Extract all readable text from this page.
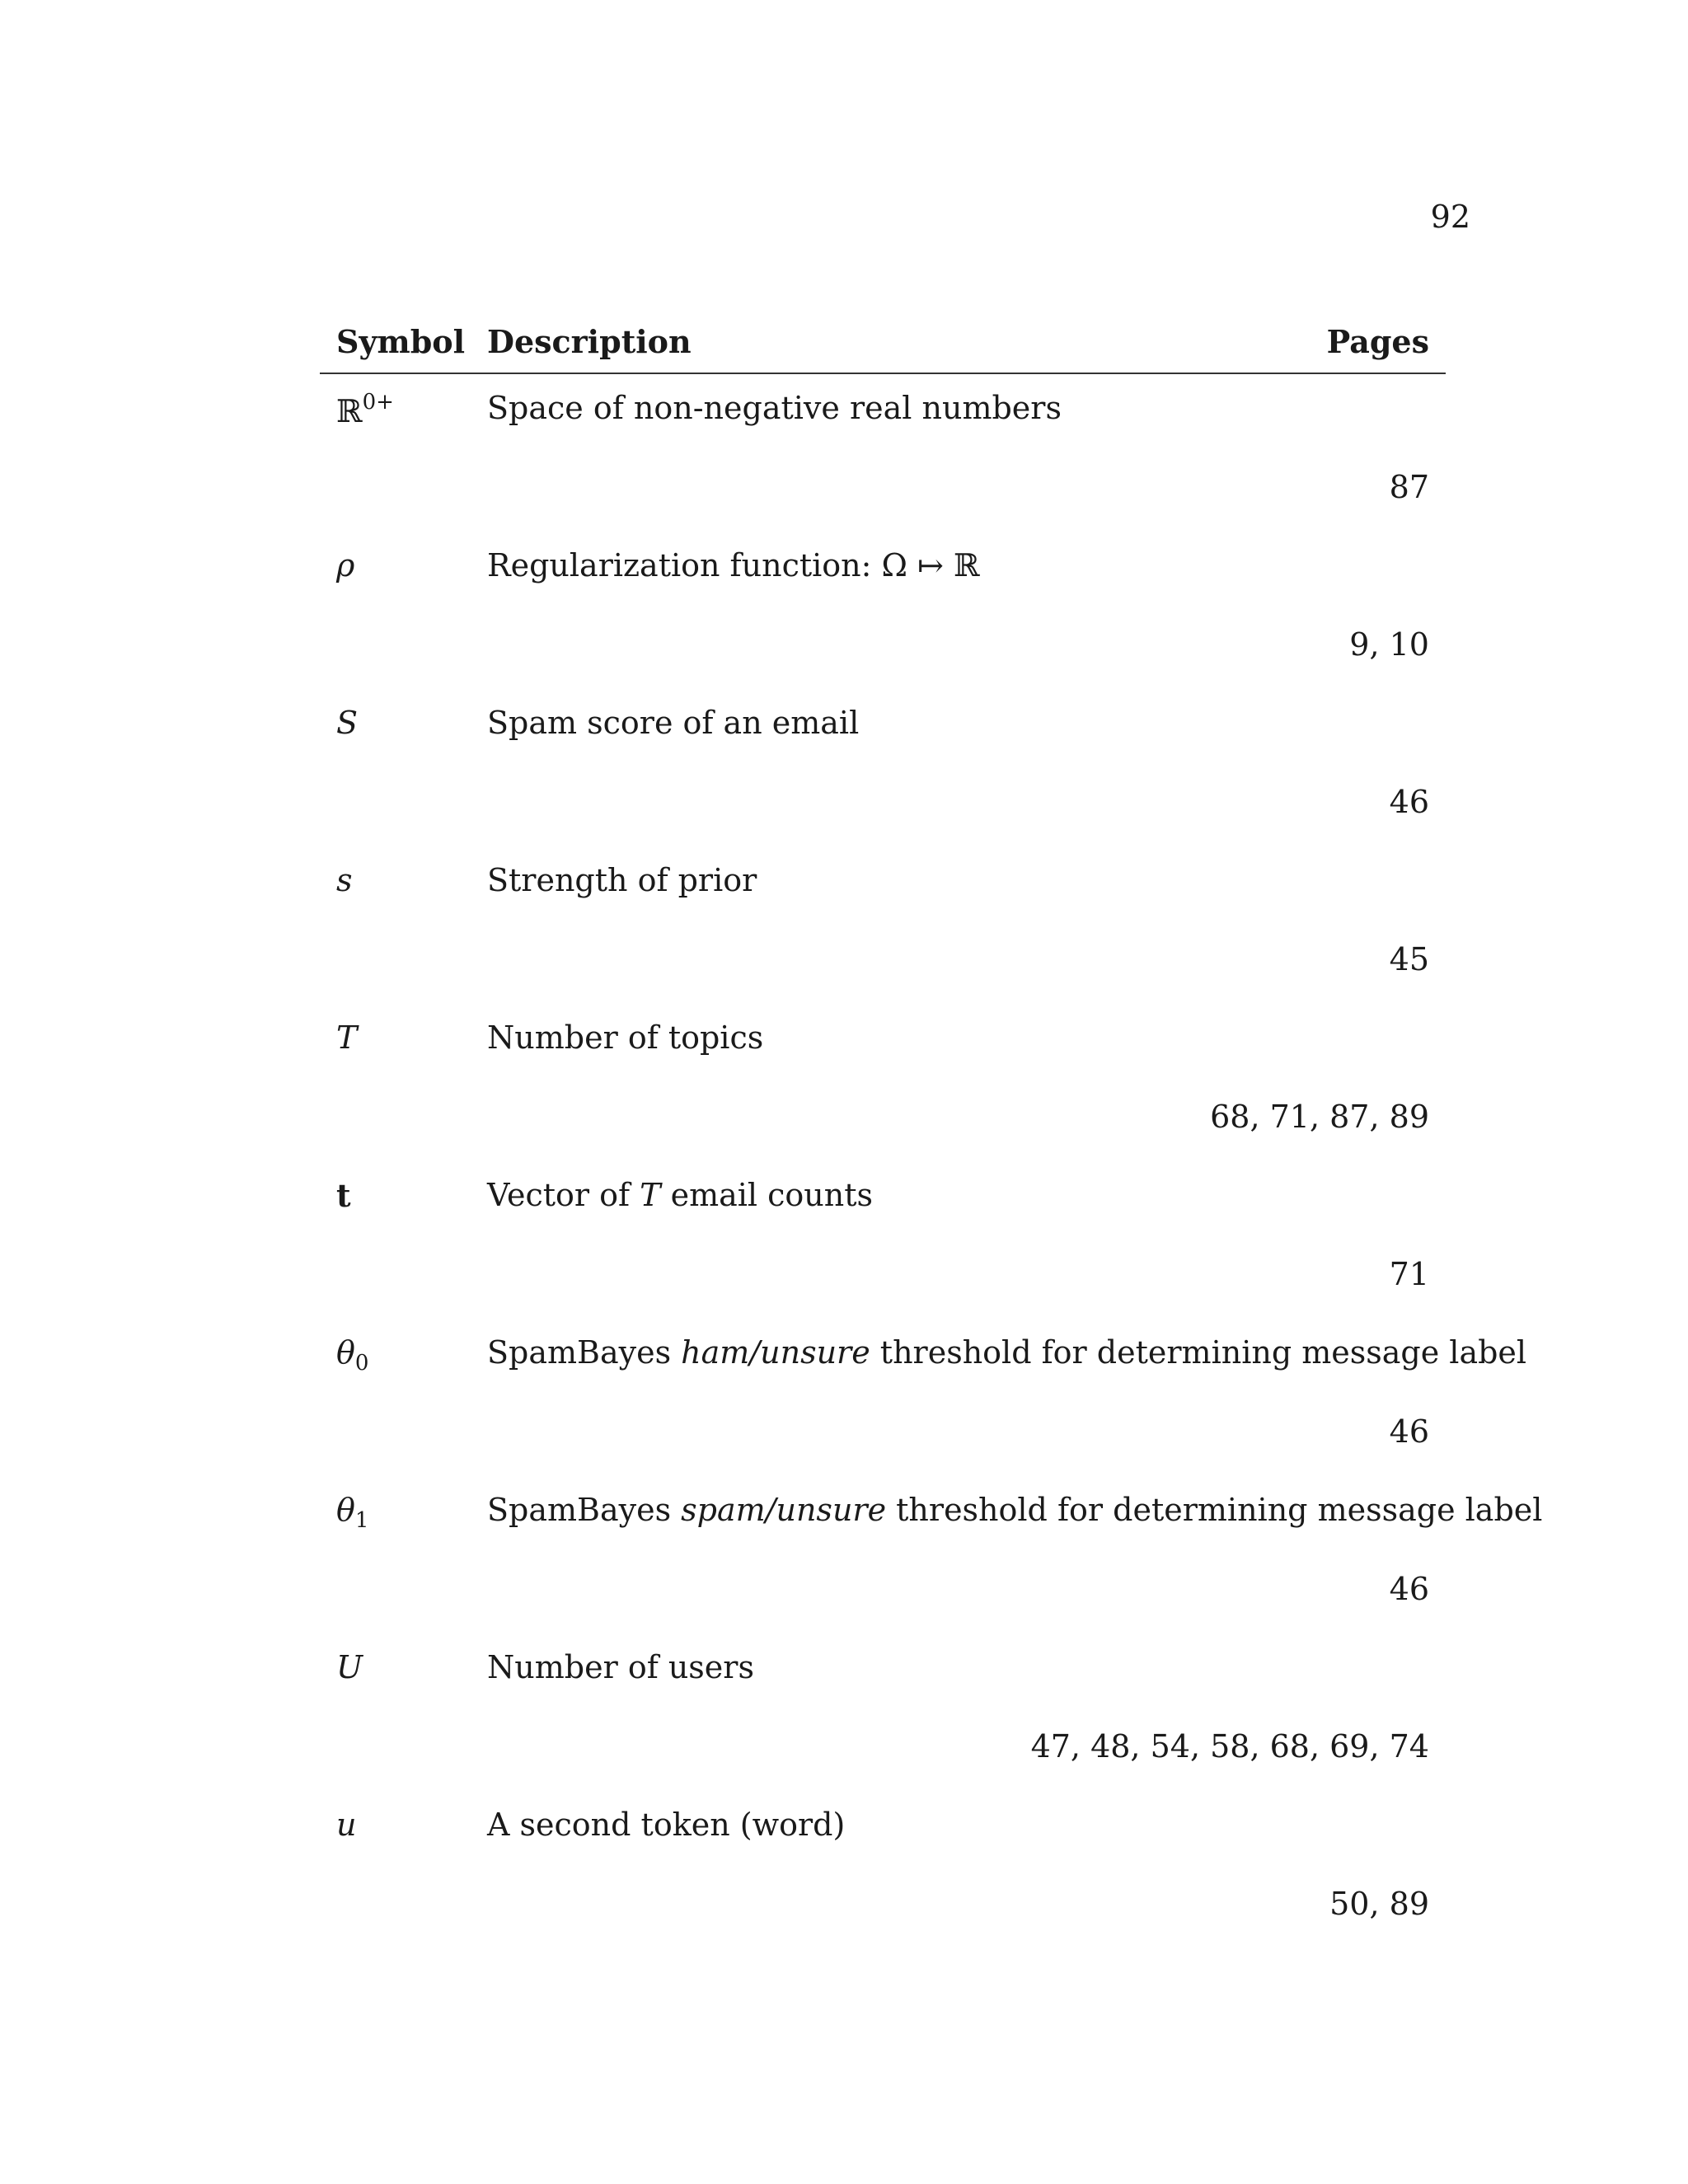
92
Symbol Description	Pages
ℝ$^{0+}$	Space of non-negative real numbers
87
ρ	Regularization function: Ω ↦ ℝ
9, 10
S	Spam score of an email
46
s	Strength of prior
45
T	Number of topics
68, 71, 87, 89
t	Vector of T email counts
71
$\theta_0$	SpamBayes ham/unsure threshold for determining message label
46
$\theta_1$	SpamBayes spam/unsure threshold for determining message label
46
U	Number of users
47, 48, 54, 58, 68, 69, 74
u	A second token (word)
50, 89
